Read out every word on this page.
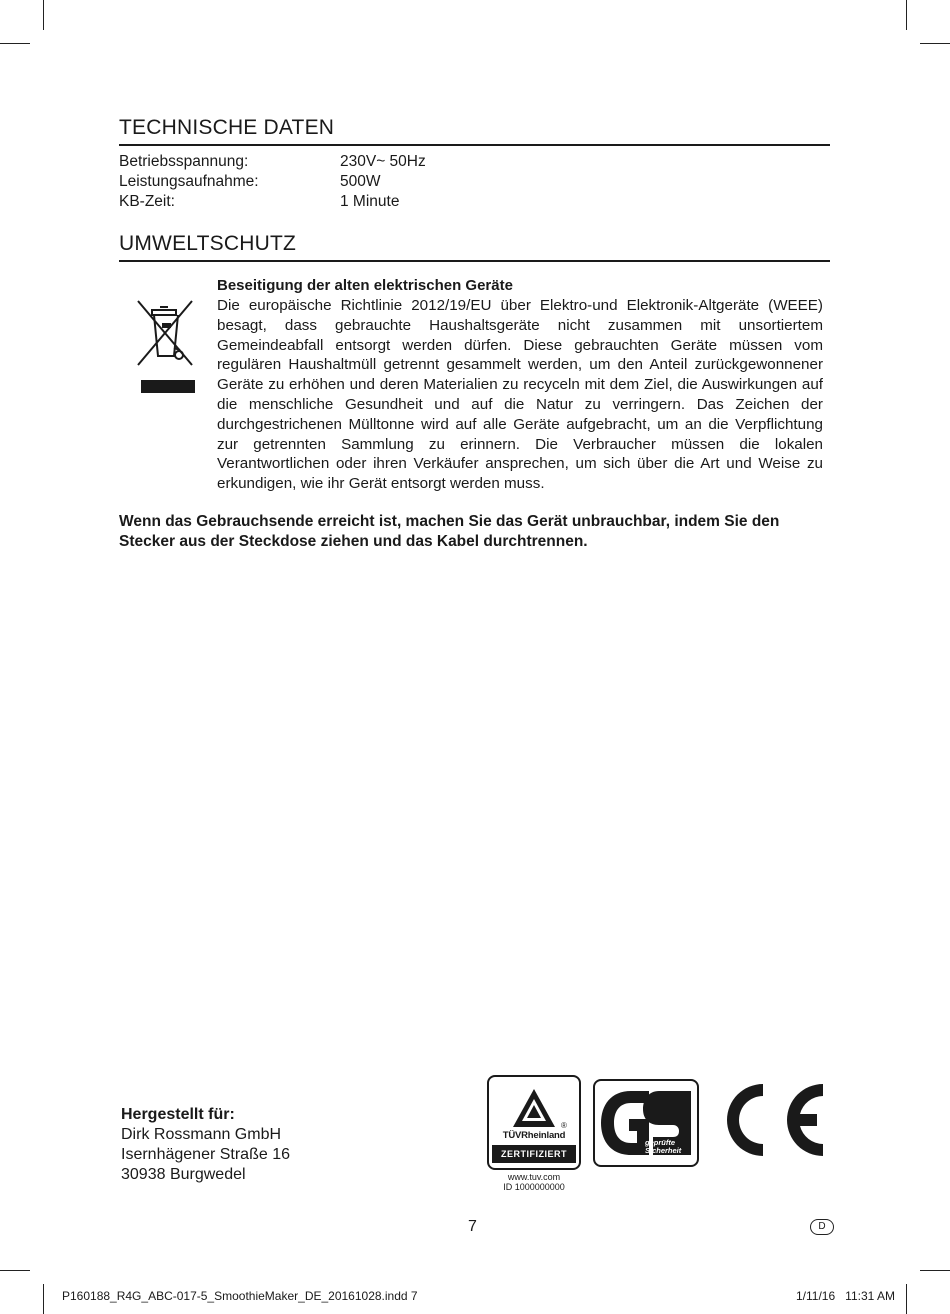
TECHNISCHE DATEN
Betriebsspannung:	230V~ 50Hz
Leistungsaufnahme:	500W
KB-Zeit:	1 Minute
UMWELTSCHUTZ
Beseitigung der alten elektrischen Geräte

Die europäische Richtlinie 2012/19/EU über Elektro-und Elektronik-Altgeräte (WEEE) besagt, dass gebrauchte Haushaltsgeräte nicht zusammen mit unsortiertem Gemeindeabfall entsorgt werden dürfen. Diese gebrauchten Geräte müssen vom regulären Haushaltmüll getrennt gesammelt werden, um den Anteil zurückgewonnener Geräte zu erhöhen und deren Materialien zu recyceln mit dem Ziel, die Auswirkungen auf die menschliche Gesundheit und auf die Natur zu verringern. Das Zeichen der durchgestrichenen Mülltonne wird auf alle Geräte aufgebracht, um an die Verpflichtung zur getrennten Sammlung zu erinnern. Die Verbraucher müssen die lokalen Verantwortlichen oder ihren Verkäufer ansprechen, um sich über die Art und Weise zu erkundigen, wie ihr Gerät entsorgt werden muss.

Wenn das Gebrauchsende erreicht ist, machen Sie das Gerät unbrauchbar, indem Sie den Stecker aus der Steckdose ziehen und das Kabel durchtrennen.

Hergestellt für:
Dirk Rossmann GmbH
Isernhägener Straße 16
30938 Burgwedel
®
TÜVRheinland
ZERTIFIZIERT
www.tuv.com
ID 1000000000
geprüfte
Sicherheit
7	D
P160188_R4G_ABC-017-5_SmoothieMaker_DE_20161028.indd 7	1/11/16 11:31 AM
